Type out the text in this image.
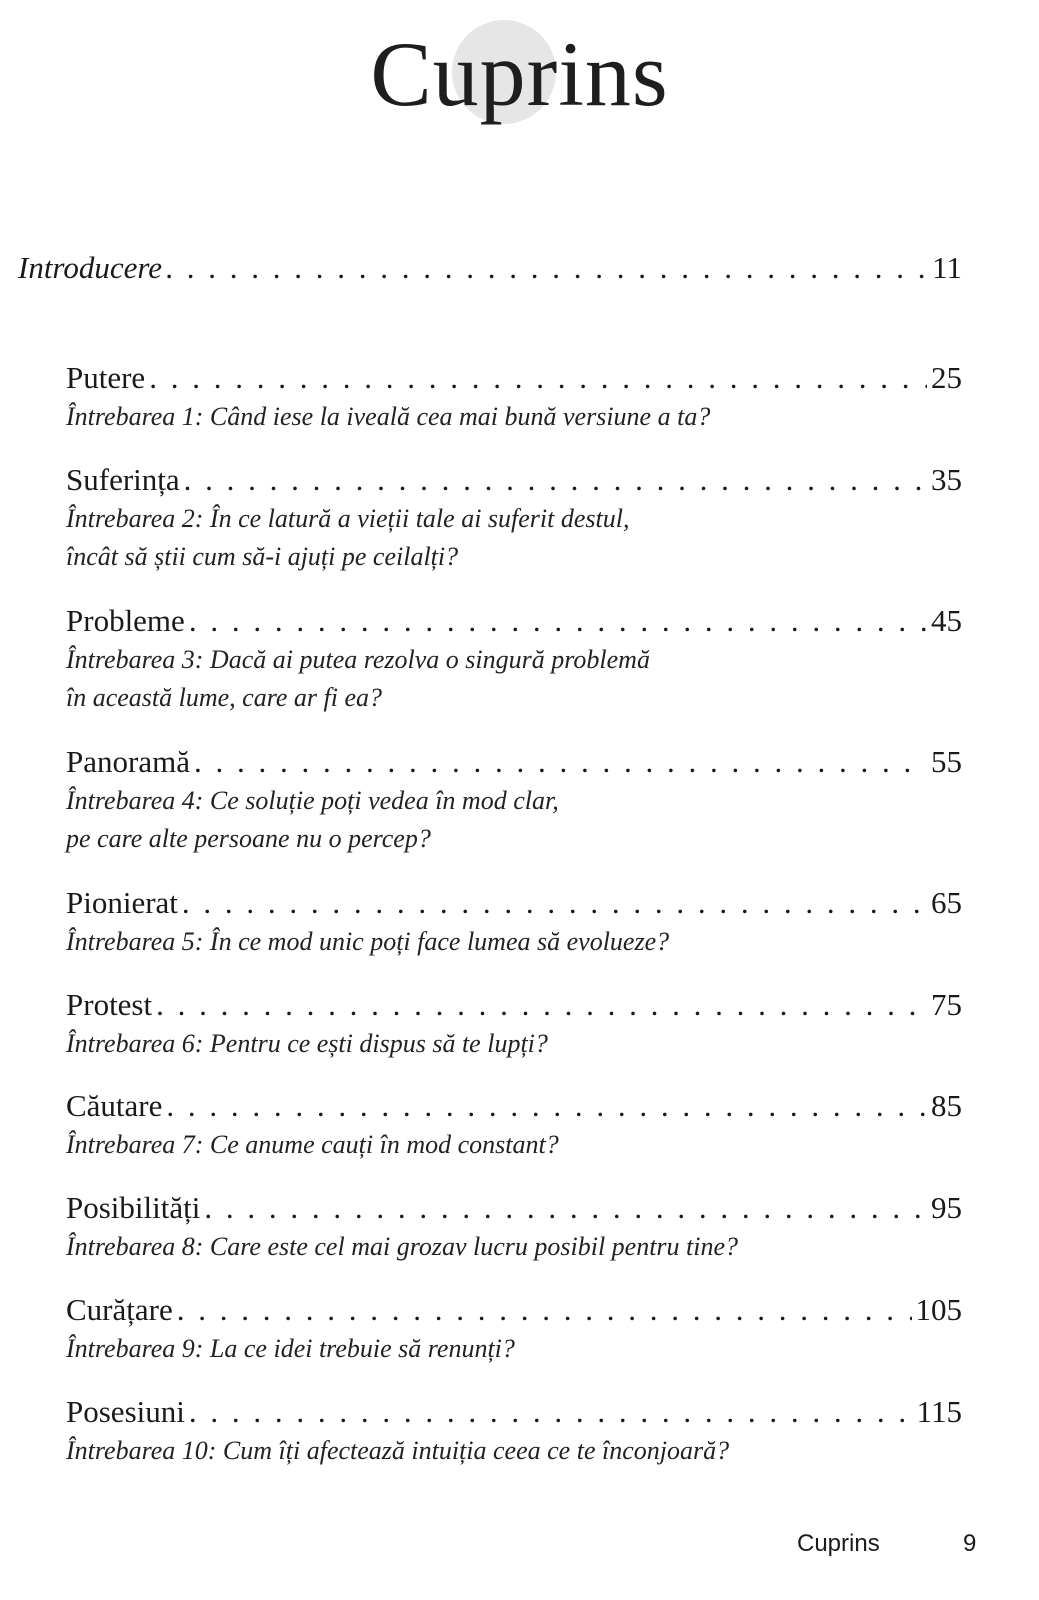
Cuprins
Introducere . . .	11
Putere . . .	25
Întrebarea 1: Când iese la iveală cea mai bună versiune a ta?
Suferința . . .	35
Întrebarea 2: În ce latură a vieții tale ai suferit destul,
încât să știi cum să-i ajuți pe ceilalți?
Probleme . . .	45
Întrebarea 3: Dacă ai putea rezolva o singură problemă
în această lume, care ar fi ea?
Panoramă . . .	55
Întrebarea 4: Ce soluție poți vedea în mod clar,
pe care alte persoane nu o percep?
Pionierat . . .	65
Întrebarea 5: În ce mod unic poți face lumea să evolueze?
Protest . . .	75
Întrebarea 6: Pentru ce ești dispus să te lupți?
Căutare . . .	85
Întrebarea 7: Ce anume cauți în mod constant?
Posibilități . . .	95
Întrebarea 8: Care este cel mai grozav lucru posibil pentru tine?
Curățare . . .	105
Întrebarea 9: La ce idei trebuie să renunți?
Posesiuni . . .	115
Întrebarea 10: Cum îți afectează intuiția ceea ce te înconjoară?
Cuprins	9
